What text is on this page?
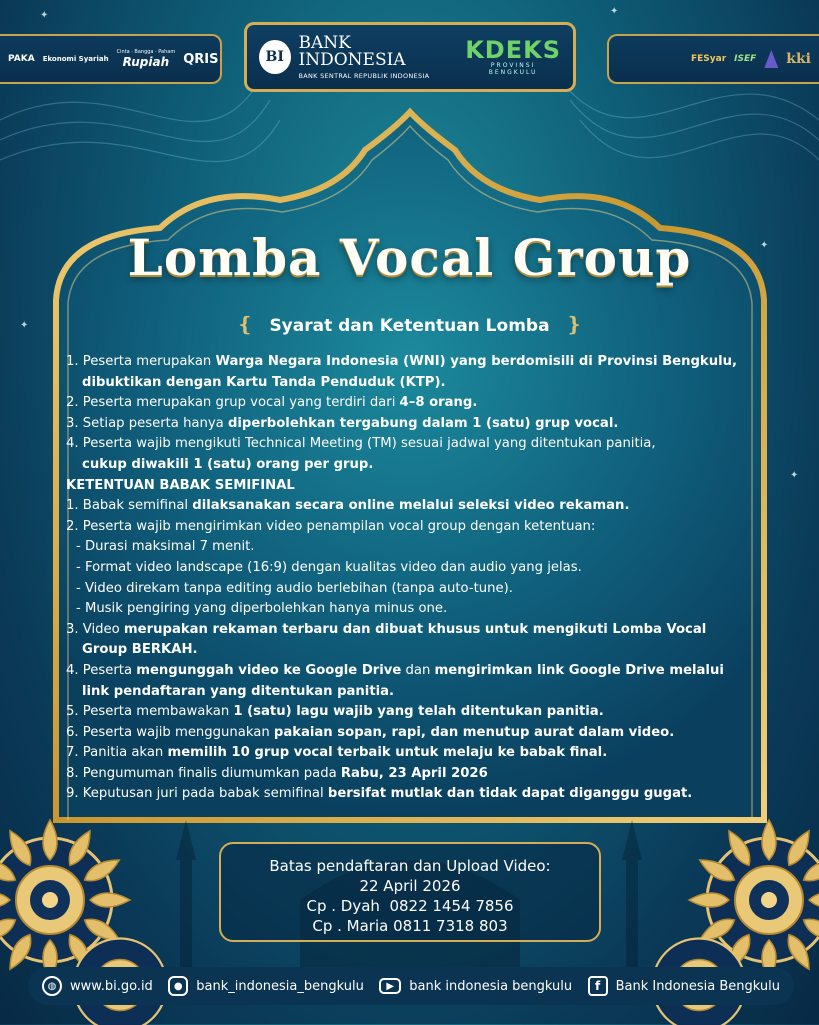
✦	✦
✦
✦
✦
PAKA Ekonomi Syariah
Cinta · Bangga · Paham
Rupiah QRIS	BI
BANK INDONESIA
BANK SENTRAL REPUBLIK INDONESIA
KDEKS
PROVINSI BENGKULU
FESyar ISEF kki
Lomba Vocal Group
❴ Syarat dan Ketentuan Lomba ❵
1. Peserta merupakan Warga Negara Indonesia (WNI) yang berdomisili di Provinsi Bengkulu,
dibuktikan dengan Kartu Tanda Penduduk (KTP).
2. Peserta merupakan grup vocal yang terdiri dari 4–8 orang.
3. Setiap peserta hanya diperbolehkan tergabung dalam 1 (satu) grup vocal.
4. Peserta wajib mengikuti Technical Meeting (TM) sesuai jadwal yang ditentukan panitia,
cukup diwakili 1 (satu) orang per grup.
KETENTUAN BABAK SEMIFINAL
1. Babak semifinal dilaksanakan secara online melalui seleksi video rekaman.
2. Peserta wajib mengirimkan video penampilan vocal group dengan ketentuan:
- Durasi maksimal 7 menit.
- Format video landscape (16:9) dengan kualitas video dan audio yang jelas.
- Video direkam tanpa editing audio berlebihan (tanpa auto-tune).
- Musik pengiring yang diperbolehkan hanya minus one.
3. Video merupakan rekaman terbaru dan dibuat khusus untuk mengikuti Lomba Vocal
Group BERKAH.
4. Peserta mengunggah video ke Google Drive dan mengirimkan link Google Drive melalui
link pendaftaran yang ditentukan panitia.
5. Peserta membawakan 1 (satu) lagu wajib yang telah ditentukan panitia.
6. Peserta wajib menggunakan pakaian sopan, rapi, dan menutup aurat dalam video.
7. Panitia akan memilih 10 grup vocal terbaik untuk melaju ke babak final.
8. Pengumuman finalis diumumkan pada Rabu, 23 April 2026
9. Keputusan juri pada babak semifinal bersifat mutlak dan tidak dapat diganggu gugat.
Batas pendaftaran dan Upload Video:
22 April 2026
Cp . Dyah  0822 1454 7856
Cp . Maria 0811 7318 803
◍	www.bi.go.id	●	bank_indonesia_bengkulu	▶	bank indonesia bengkulu	f	Bank Indonesia Bengkulu
